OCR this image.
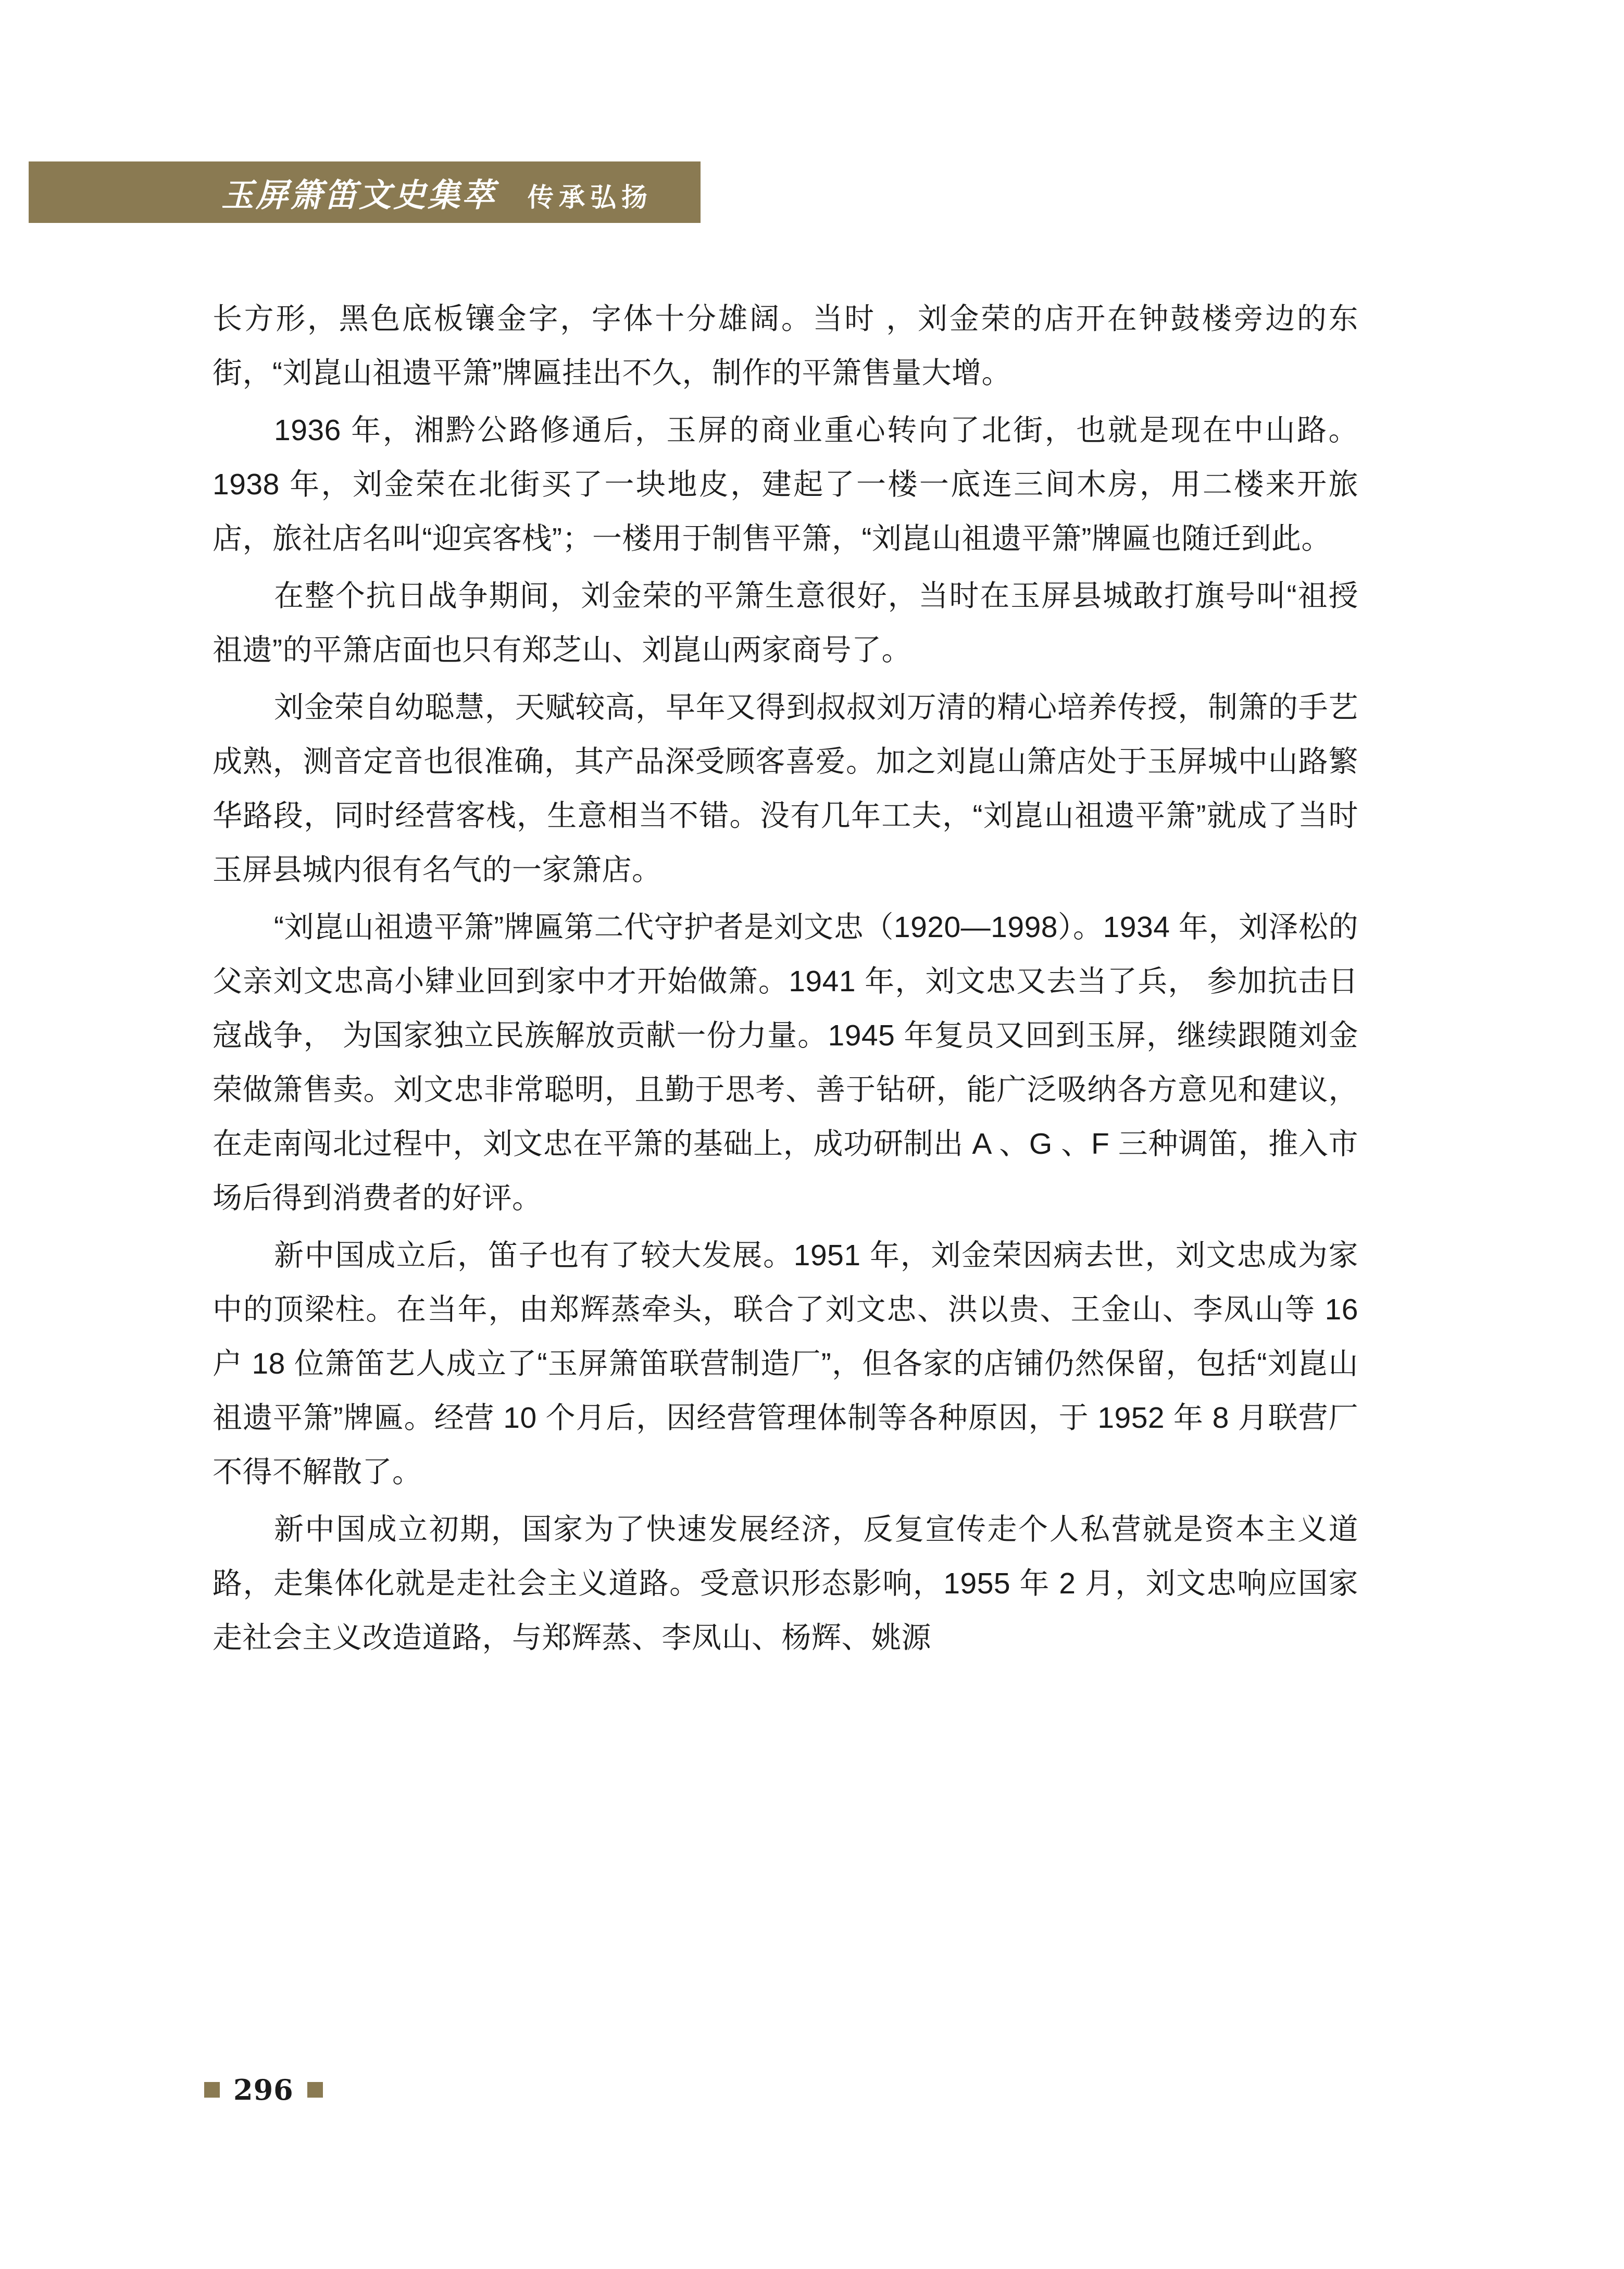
玉屏箫笛文史集萃 传承弘扬

长方形，黑色底板镶金字，字体十分雄阔。当时 ，刘金荣的店开在钟鼓楼旁边的东街，“刘崑山祖遗平箫”牌匾挂出不久，制作的平箫售量大增。

1936 年，湘黔公路修通后，玉屏的商业重心转向了北街，也就是现在中山路。1938 年，刘金荣在北街买了一块地皮，建起了一楼一底连三间木房，用二楼来开旅店，旅社店名叫“迎宾客栈”；一楼用于制售平箫，“刘崑山祖遗平箫”牌匾也随迁到此。

在整个抗日战争期间，刘金荣的平箫生意很好，当时在玉屏县城敢打旗号叫“祖授祖遗”的平箫店面也只有郑芝山、刘崑山两家商号了。

刘金荣自幼聪慧，天赋较高，早年又得到叔叔刘万清的精心培养传授，制箫的手艺成熟，测音定音也很准确，其产品深受顾客喜爱。加之刘崑山箫店处于玉屏城中山路繁华路段，同时经营客栈，生意相当不错。没有几年工夫，“刘崑山祖遗平箫”就成了当时玉屏县城内很有名气的一家箫店。

“刘崑山祖遗平箫”牌匾第二代守护者是刘文忠（1920—1998）。1934 年，刘泽松的父亲刘文忠高小肄业回到家中才开始做箫。1941 年，刘文忠又去当了兵， 参加抗击日寇战争， 为国家独立民族解放贡献一份力量。1945 年复员又回到玉屏，继续跟随刘金荣做箫售卖。刘文忠非常聪明，且勤于思考、善于钻研，能广泛吸纳各方意见和建议，在走南闯北过程中，刘文忠在平箫的基础上，成功研制出 A 、G 、F 三种调笛，推入市场后得到消费者的好评。

新中国成立后，笛子也有了较大发展。1951 年，刘金荣因病去世，刘文忠成为家中的顶梁柱。在当年，由郑辉蒸牵头，联合了刘文忠、洪以贵、王金山、李凤山等 16 户 18 位箫笛艺人成立了“玉屏箫笛联营制造厂”，但各家的店铺仍然保留，包括“刘崑山祖遗平箫”牌匾。经营 10 个月后，因经营管理体制等各种原因，于 1952 年 8 月联营厂不得不解散了。

新中国成立初期，国家为了快速发展经济，反复宣传走个人私营就是资本主义道路，走集体化就是走社会主义道路。受意识形态影响，1955 年 2 月，刘文忠响应国家走社会主义改造道路，与郑辉蒸、李凤山、杨辉、姚源

296
